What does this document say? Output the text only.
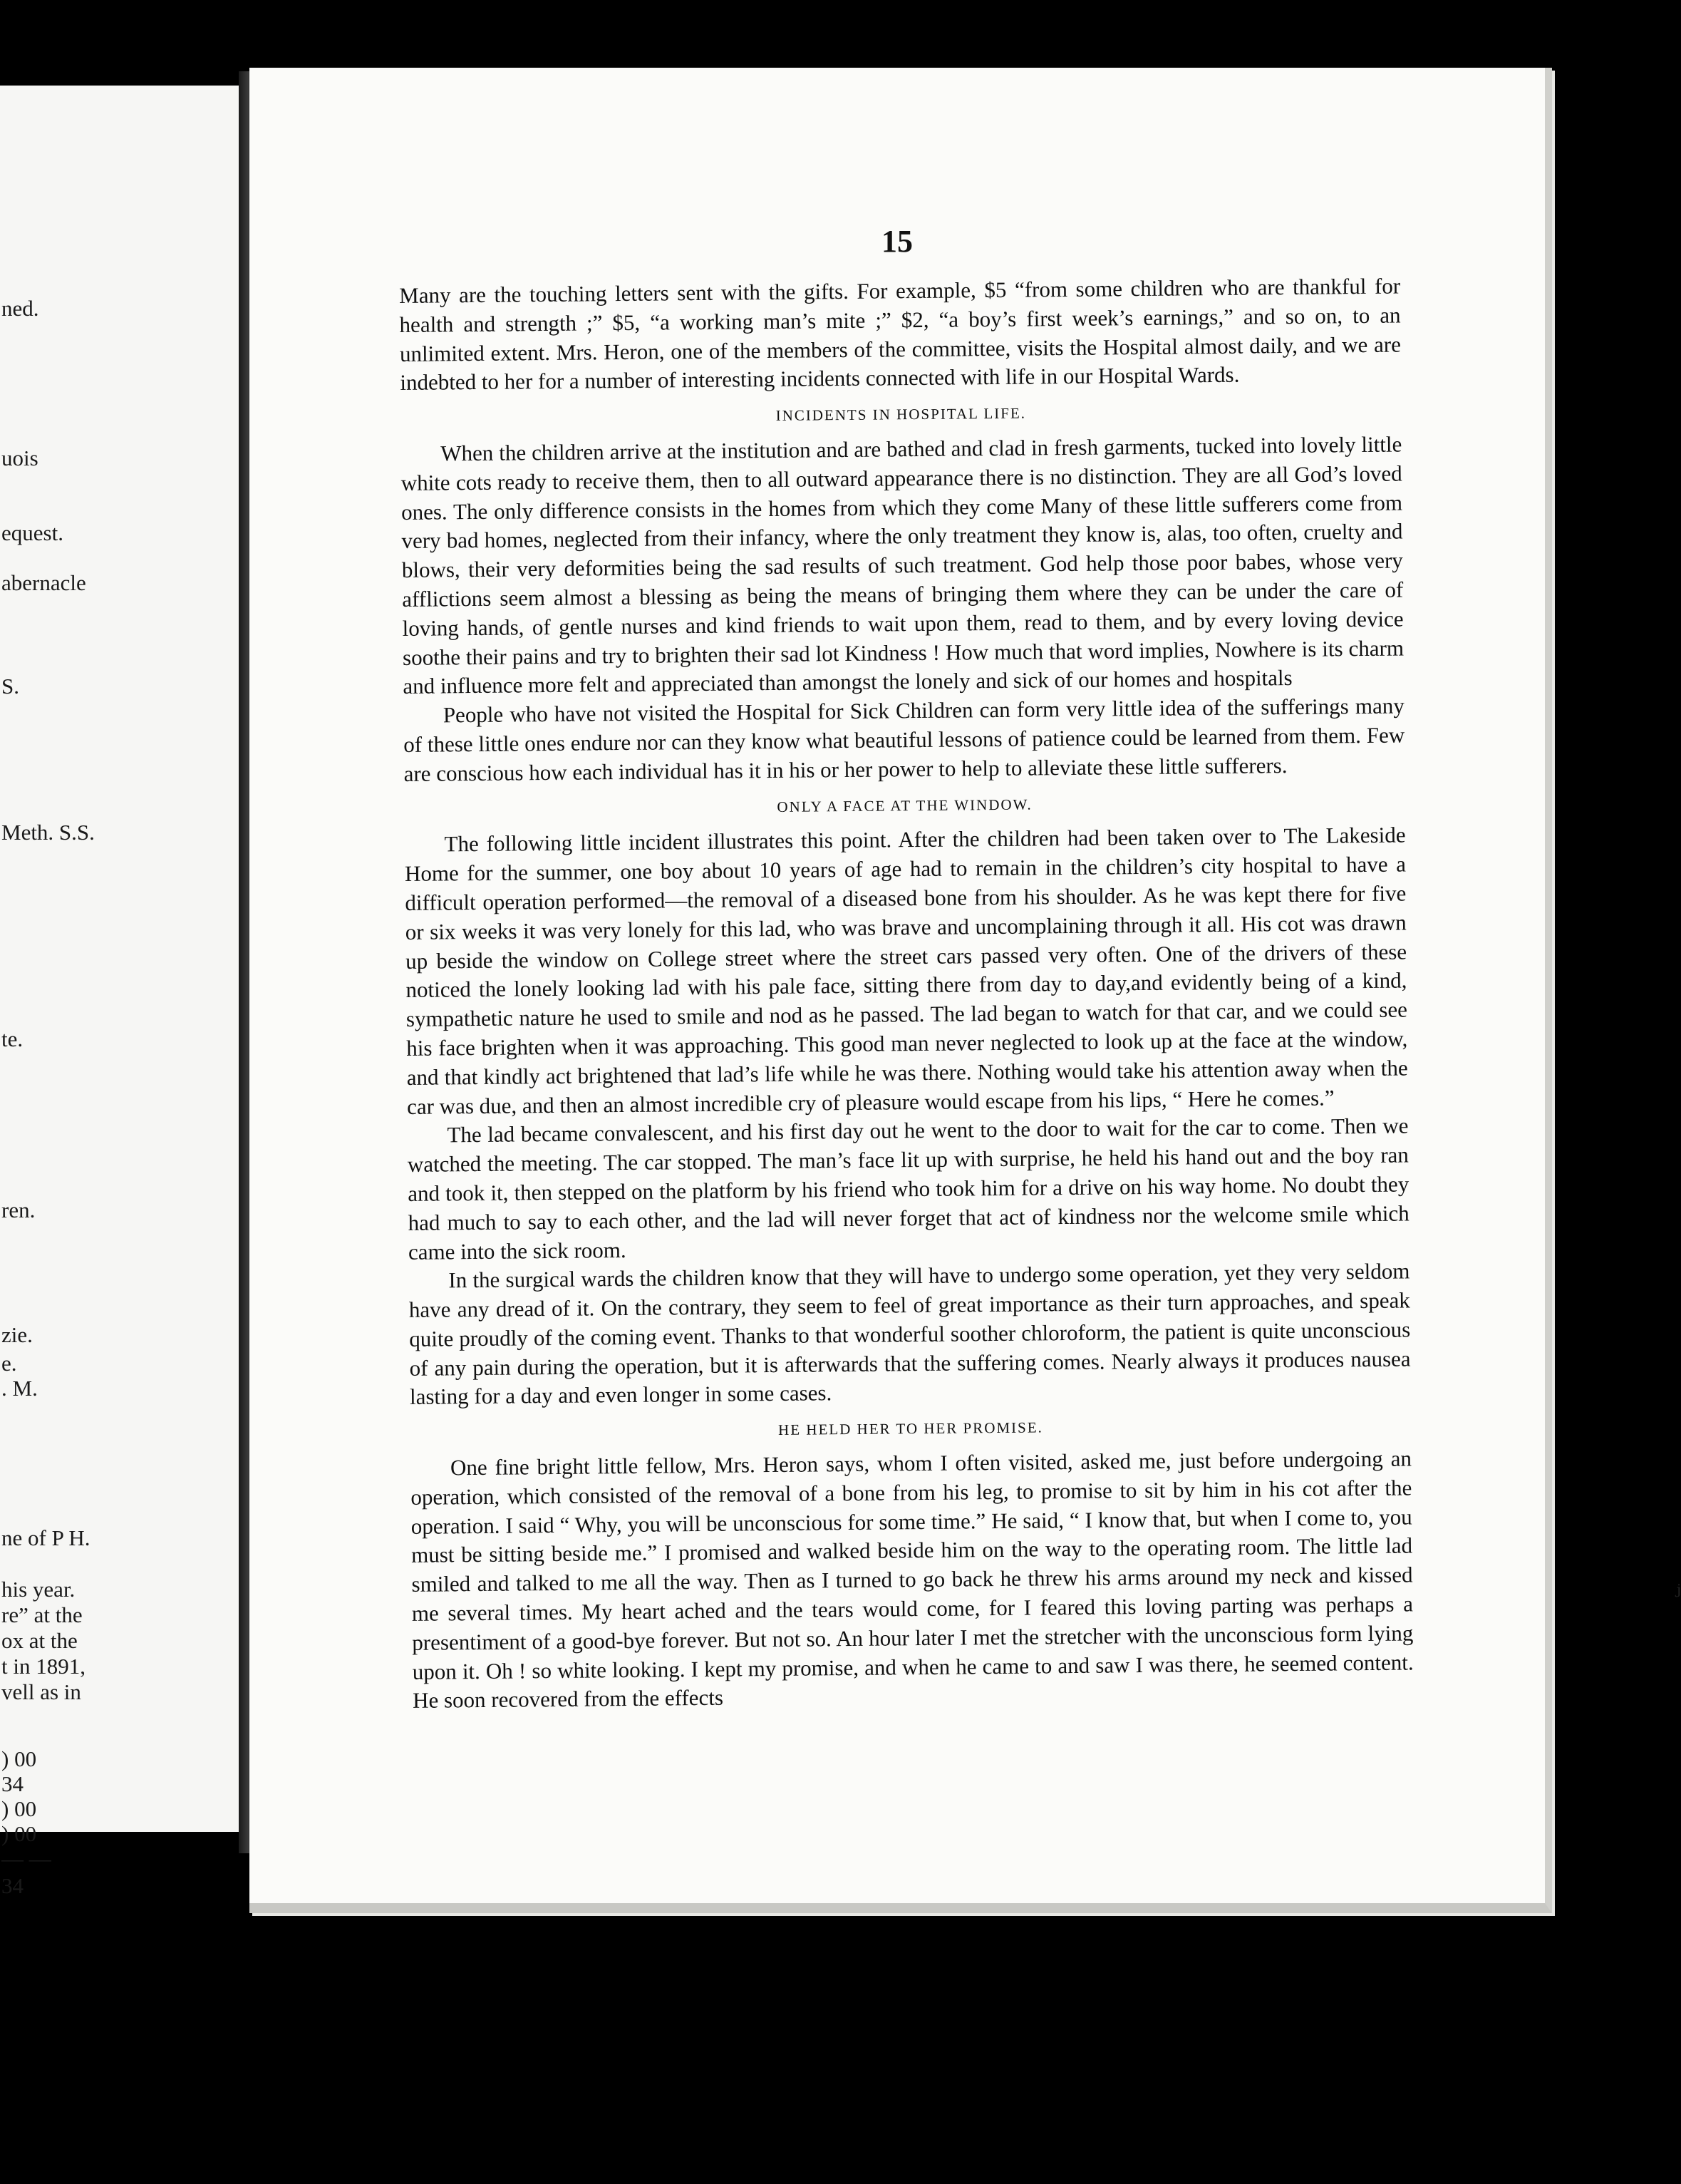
ned.
uois
equest.
abernacle
S.
Meth. S.S.
te.
ren.
zie.
e.
. M.
ne of P H.
his year.
re” at the
ox at the
t in 1891,
vell as in
) 00
34
) 00
) 00
— —
34
15

Many are the touching letters sent with the gifts. For example, $5 “from some children who are thankful for health and strength ;” $5, “a working man’s mite ;” $2, “a boy’s first week’s earnings,” and so on, to an unlimited extent. Mrs. Heron, one of the members of the committee, visits the Hospital almost daily, and we are indebted to her for a number of interesting incidents connected with life in our Hospital Wards.

INCIDENTS IN HOSPITAL LIFE.

When the children arrive at the institution and are bathed and clad in fresh garments, tucked into lovely little white cots ready to receive them, then to all outward appearance there is no distinction. They are all God’s loved ones. The only difference consists in the homes from which they come Many of these little sufferers come from very bad homes, neglected from their infancy, where the only treatment they know is, alas, too often, cruelty and blows, their very deformities being the sad results of such treatment. God help those poor babes, whose very afflictions seem almost a blessing as being the means of bringing them where they can be under the care of loving hands, of gentle nurses and kind friends to wait upon them, read to them, and by every loving device soothe their pains and try to brighten their sad lot Kindness ! How much that word implies, Nowhere is its charm and influence more felt and appreciated than amongst the lonely and sick of our homes and hospitals

People who have not visited the Hospital for Sick Children can form very little idea of the sufferings many of these little ones endure nor can they know what beautiful lessons of patience could be learned from them. Few are conscious how each individual has it in his or her power to help to alleviate these little sufferers.

ONLY A FACE AT THE WINDOW.

The following little incident illustrates this point. After the children had been taken over to The Lakeside Home for the summer, one boy about 10 years of age had to remain in the children’s city hospital to have a difficult operation performed—the removal of a diseased bone from his shoulder. As he was kept there for five or six weeks it was very lonely for this lad, who was brave and uncomplaining through it all. His cot was drawn up beside the window on College street where the street cars passed very often. One of the drivers of these noticed the lonely looking lad with his pale face, sitting there from day to day,and evidently being of a kind, sympathetic nature he used to smile and nod as he passed. The lad began to watch for that car, and we could see his face brighten when it was approaching. This good man never neglected to look up at the face at the window, and that kindly act brightened that lad’s life while he was there. Nothing would take his attention away when the car was due, and then an almost incredible cry of pleasure would escape from his lips, “ Here he comes.”

The lad became convalescent, and his first day out he went to the door to wait for the car to come. Then we watched the meeting. The car stopped. The man’s face lit up with surprise, he held his hand out and the boy ran and took it, then stepped on the platform by his friend who took him for a drive on his way home. No doubt they had much to say to each other, and the lad will never forget that act of kindness nor the welcome smile which came into the sick room.

In the surgical wards the children know that they will have to undergo some operation, yet they very seldom have any dread of it. On the contrary, they seem to feel of great importance as their turn approaches, and speak quite proudly of the coming event. Thanks to that wonderful soother chloroform, the patient is quite unconscious of any pain during the operation, but it is afterwards that the suffering comes. Nearly always it produces nausea lasting for a day and even longer in some cases.

HE HELD HER TO HER PROMISE.

One fine bright little fellow, Mrs. Heron says, whom I often visited, asked me, just before undergoing an operation, which consisted of the removal of a bone from his leg, to promise to sit by him in his cot after the operation. I said “ Why, you will be unconscious for some time.” He said, “ I know that, but when I come to, you must be sitting beside me.” I promised and walked beside him on the way to the operating room. The little lad smiled and talked to me all the way. Then as I turned to go back he threw his arms around my neck and kissed me several times. My heart ached and the tears would come, for I feared this loving parting was perhaps a presentiment of a good-bye forever. But not so. An hour later I met the stretcher with the unconscious form lying upon it. Oh ! so white looking. I kept my promise, and when he came to and saw I was there, he seemed content. He soon recovered from the effects

ⱼ
